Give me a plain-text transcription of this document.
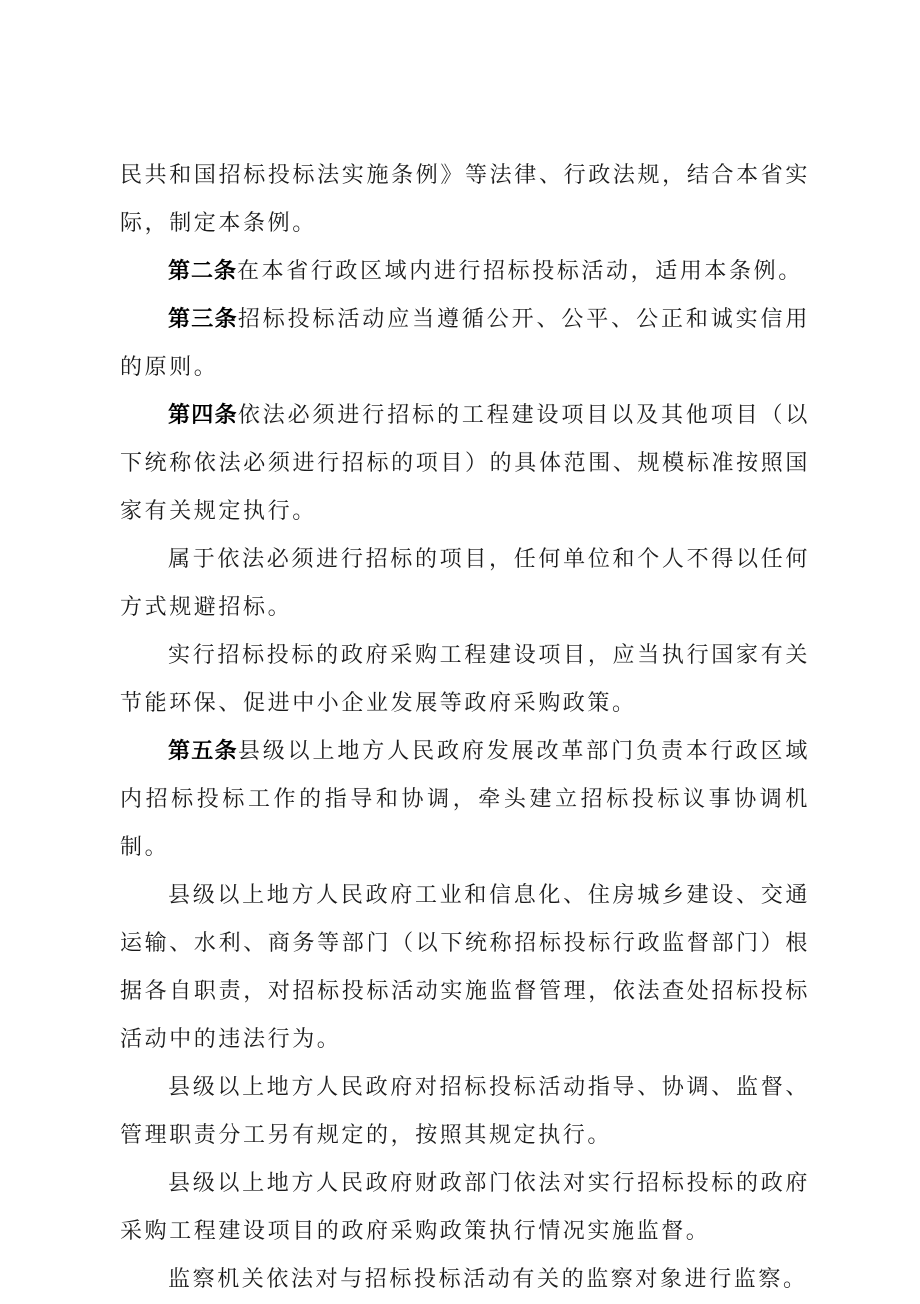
民共和国招标投标法实施条例》等法律、行政法规，结合本省实际，制定本条例。

第二条在本省行政区域内进行招标投标活动，适用本条例。

第三条招标投标活动应当遵循公开、公平、公正和诚实信用的原则。

第四条依法必须进行招标的工程建设项目以及其他项目（以下统称依法必须进行招标的项目）的具体范围、规模标准按照国家有关规定执行。

属于依法必须进行招标的项目，任何单位和个人不得以任何方式规避招标。

实行招标投标的政府采购工程建设项目，应当执行国家有关节能环保、促进中小企业发展等政府采购政策。

第五条县级以上地方人民政府发展改革部门负责本行政区域内招标投标工作的指导和协调，牵头建立招标投标议事协调机制。

县级以上地方人民政府工业和信息化、住房城乡建设、交通运输、水利、商务等部门（以下统称招标投标行政监督部门）根据各自职责，对招标投标活动实施监督管理，依法查处招标投标活动中的违法行为。

县级以上地方人民政府对招标投标活动指导、协调、监督、管理职责分工另有规定的，按照其规定执行。

县级以上地方人民政府财政部门依法对实行招标投标的政府采购工程建设项目的政府采购政策执行情况实施监督。

监察机关依法对与招标投标活动有关的监察对象进行监察。
